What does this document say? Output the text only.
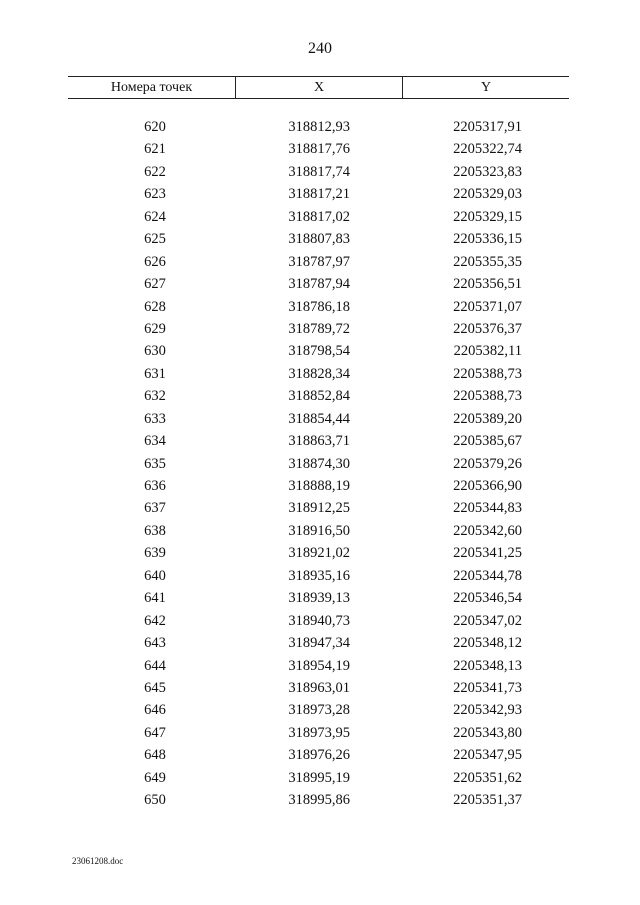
240
Номера точек	X	Y
620	318812,93	2205317,91
621	318817,76	2205322,74
622	318817,74	2205323,83
623	318817,21	2205329,03
624	318817,02	2205329,15
625	318807,83	2205336,15
626	318787,97	2205355,35
627	318787,94	2205356,51
628	318786,18	2205371,07
629	318789,72	2205376,37
630	318798,54	2205382,11
631	318828,34	2205388,73
632	318852,84	2205388,73
633	318854,44	2205389,20
634	318863,71	2205385,67
635	318874,30	2205379,26
636	318888,19	2205366,90
637	318912,25	2205344,83
638	318916,50	2205342,60
639	318921,02	2205341,25
640	318935,16	2205344,78
641	318939,13	2205346,54
642	318940,73	2205347,02
643	318947,34	2205348,12
644	318954,19	2205348,13
645	318963,01	2205341,73
646	318973,28	2205342,93
647	318973,95	2205343,80
648	318976,26	2205347,95
649	318995,19	2205351,62
650	318995,86	2205351,37
23061208.doc
